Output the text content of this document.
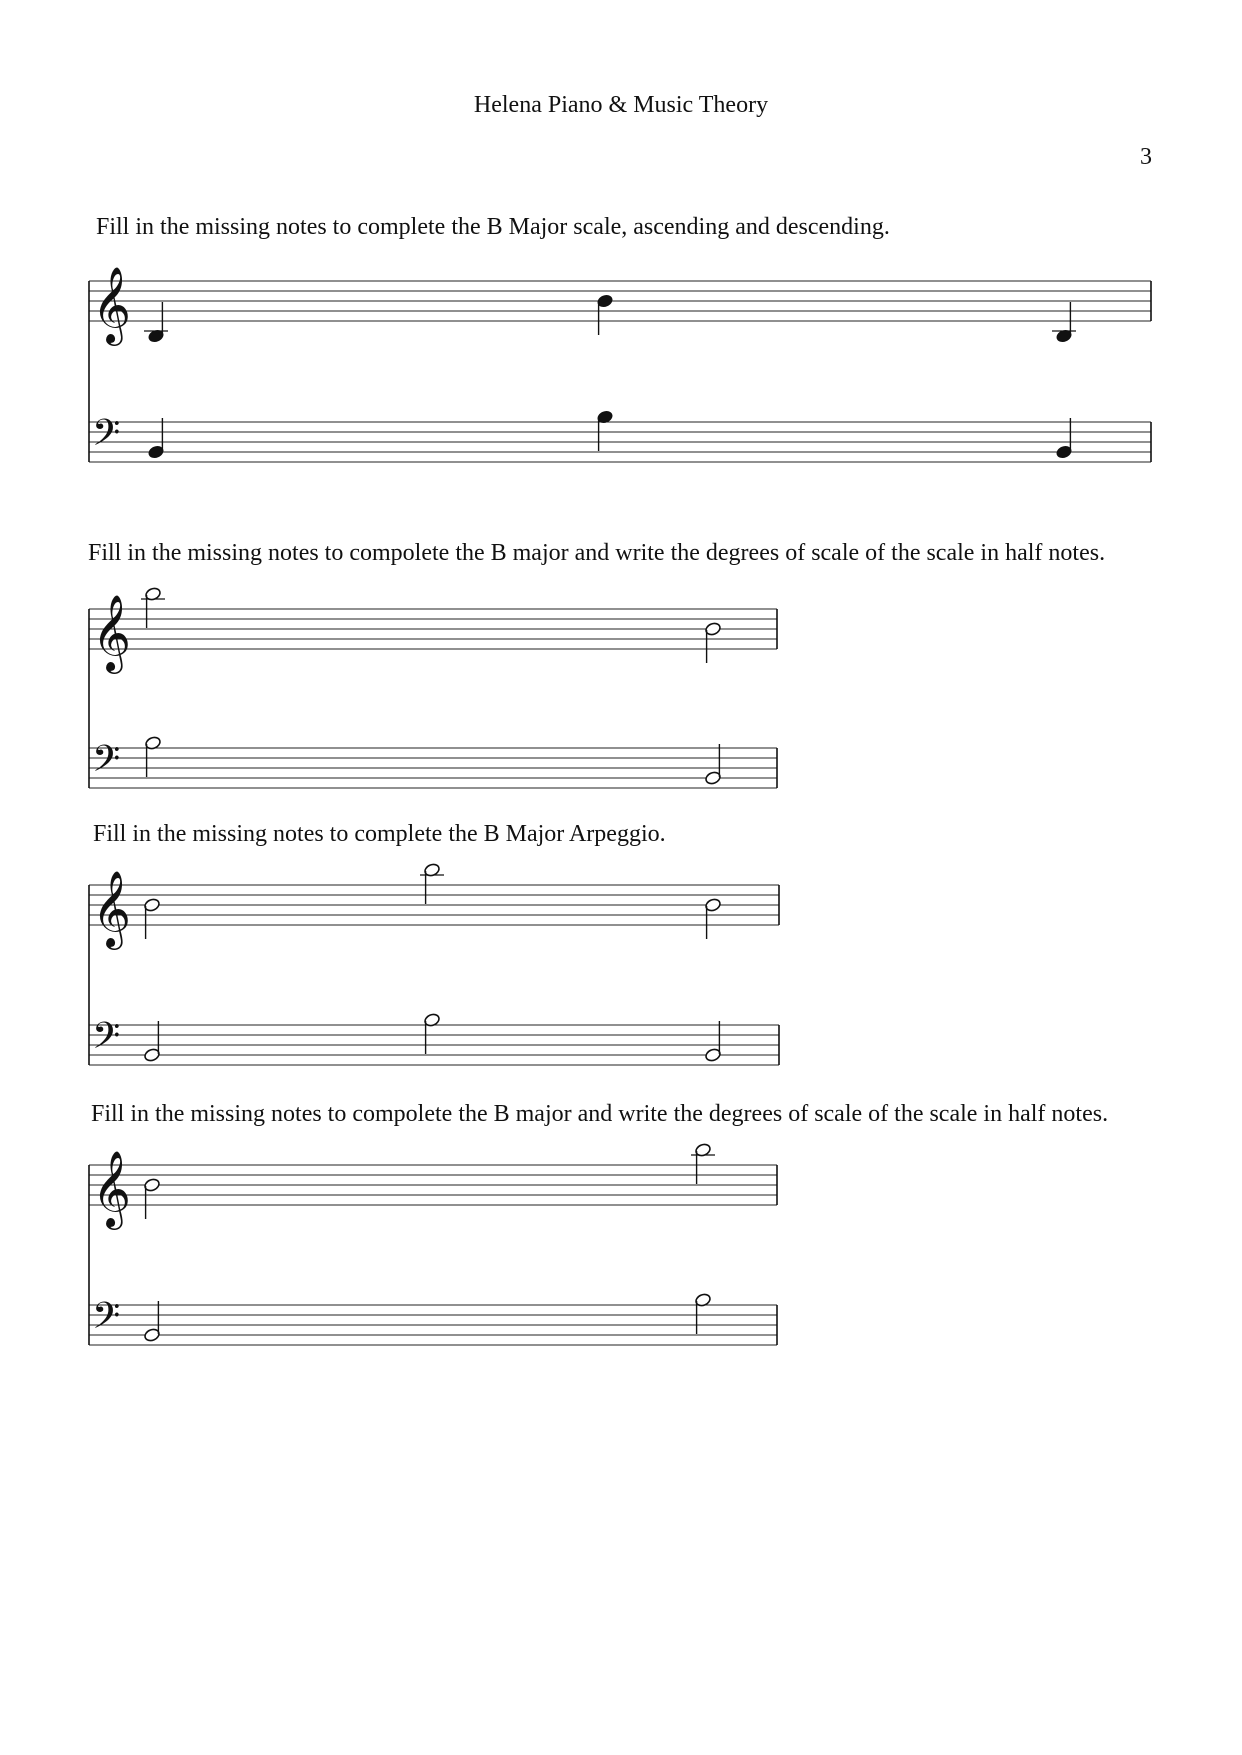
Helena Piano & Music Theory
3
Fill in the missing notes to complete the B Major scale, ascending and descending.
Fill in the missing notes to compolete the B major and write the degrees of scale of the scale in half notes.
Fill in the missing notes to complete the B Major Arpeggio.
Fill in the missing notes to compolete the B major and write the degrees of scale of the scale in half notes.
𝄞
𝄢
𝄞
𝄢
𝄞
𝄢
𝄞
𝄢
